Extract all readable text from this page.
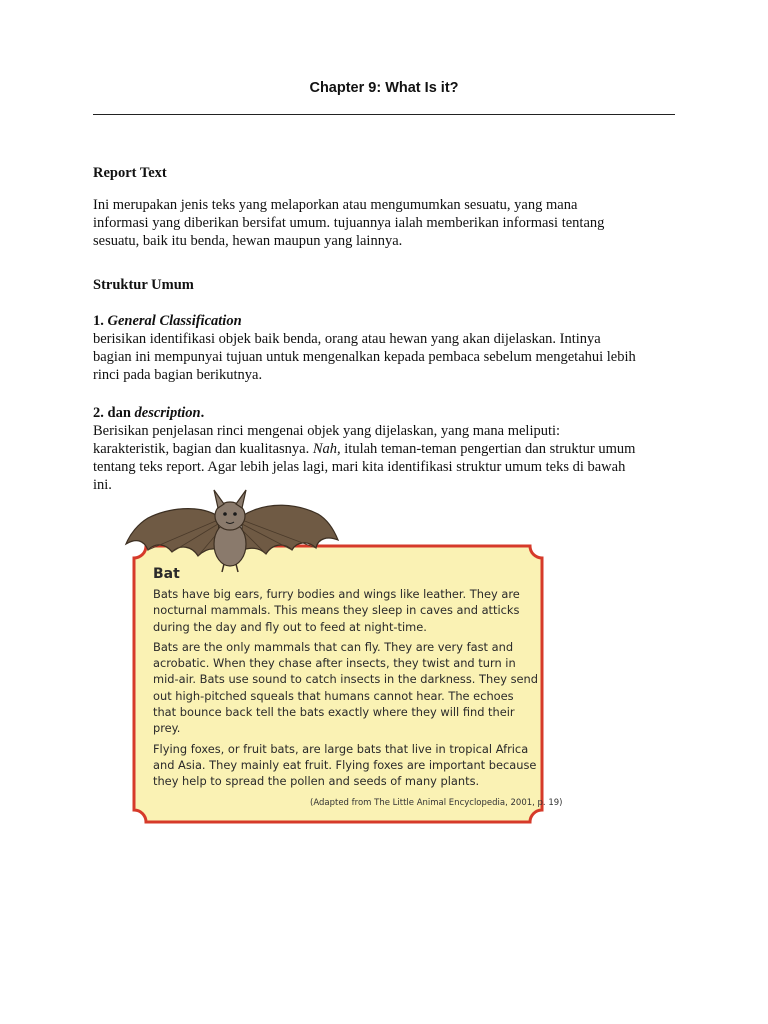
Chapter 9: What Is it?
Report Text

Ini merupakan jenis teks yang melaporkan atau mengumumkan sesuatu, yang mana
informasi yang diberikan bersifat umum. tujuannya ialah memberikan informasi tentang
sesuatu, baik itu benda, hewan maupun yang lainnya.

Struktur Umum
1. General Classification
berisikan identifikasi objek baik benda, orang atau hewan yang akan dijelaskan. Intinya
bagian ini mempunyai tujuan untuk mengenalkan kepada pembaca sebelum mengetahui lebih
rinci pada bagian berikutnya.
2. dan description.
Berisikan penjelasan rinci mengenai objek yang dijelaskan, yang mana meliputi:
karakteristik, bagian dan kualitasnya. Nah, itulah teman-teman pengertian dan struktur umum
tentang teks report. Agar lebih jelas lagi, mari kita identifikasi struktur umum teks di bawah
ini.
Bat
Bats have big ears, furry bodies and wings like leather. They are
nocturnal mammals. This means they sleep in caves and atticks
during the day and fly out to feed at night-time.
Bats are the only mammals that can fly. They are very fast and
acrobatic. When they chase after insects, they twist and turn in
mid-air. Bats use sound to catch insects in the darkness. They send
out high-pitched squeals that humans cannot hear. The echoes
that bounce back tell the bats exactly where they will find their
prey.
Flying foxes, or fruit bats, are large bats that live in tropical Africa
and Asia. They mainly eat fruit. Flying foxes are important because
they help to spread the pollen and seeds of many plants.
(Adapted from The Little Animal Encyclopedia, 2001, p. 19)
